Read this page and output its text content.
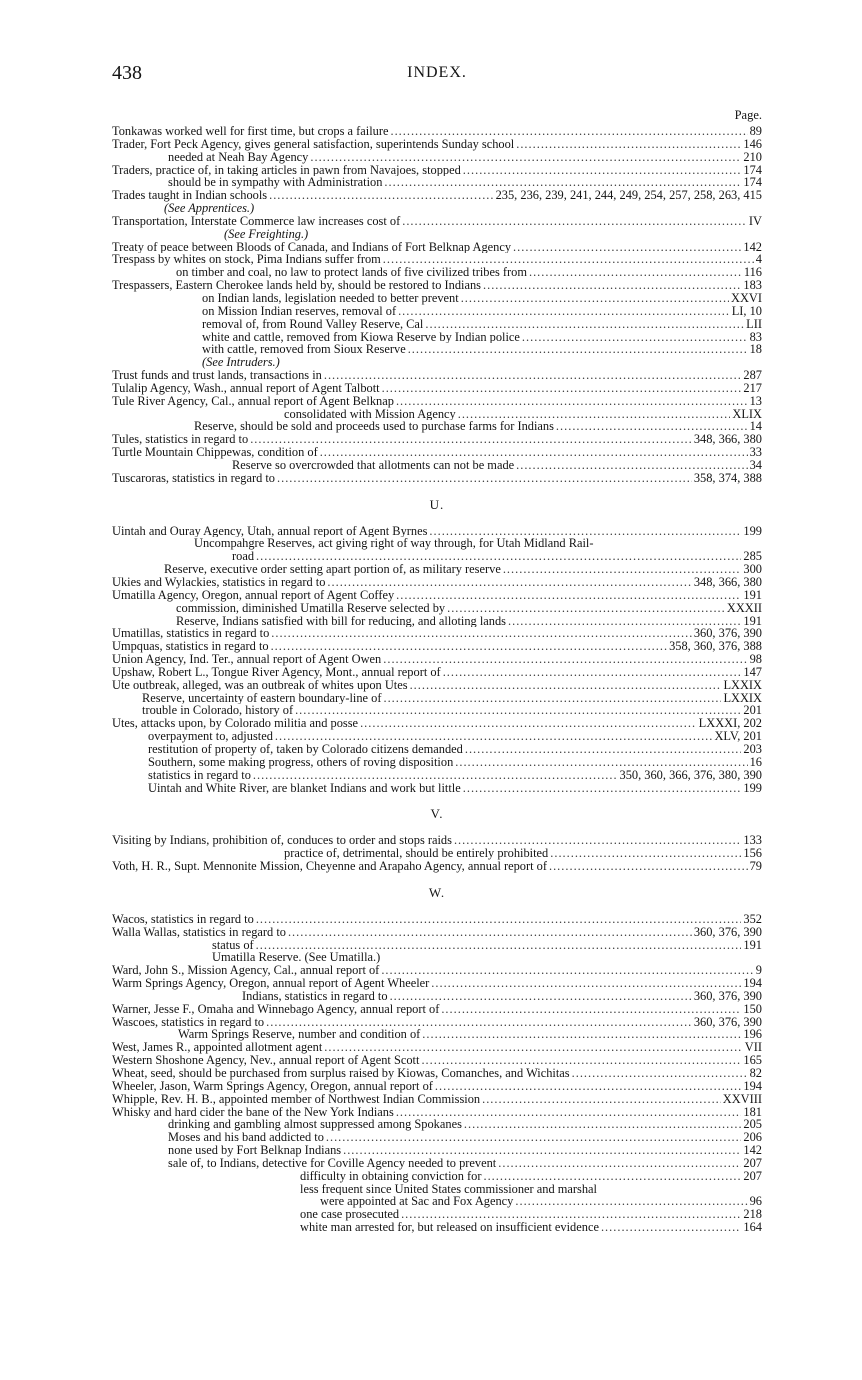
438	INDEX.
Page.
Tonkawas worked well for first time, but crops a failure .....	89
Trader, Fort Peck Agency, gives general satisfaction, superintends Sunday school .....	146
needed at Neah Bay Agency .....	210
Traders, practice of, in taking articles in pawn from Navajoes, stopped .....	174
should be in sympathy with Administration .....	174
Trades taught in Indian schools .....	235, 236, 239, 241, 244, 249, 254, 257, 258, 263, 415
(See Apprentices.)
Transportation, Interstate Commerce law increases cost of .....	IV
(See Freighting.)
Treaty of peace between Bloods of Canada, and Indians of Fort Belknap Agency .....	142
Trespass by whites on stock, Pima Indians suffer from .....	4
on timber and coal, no law to protect lands of five civilized tribes from .....	116
Trespassers, Eastern Cherokee lands held by, should be restored to Indians .....	183
on Indian lands, legislation needed to better prevent .....	XXVI
on Mission Indian reserves, removal of .....	LI, 10
removal of, from Round Valley Reserve, Cal .....	LII
white and cattle, removed from Kiowa Reserve by Indian police .....	83
with cattle, removed from Sioux Reserve .....	18
(See Intruders.)
Trust funds and trust lands, transactions in .....	287
Tulalip Agency, Wash., annual report of Agent Talbott .....	217
Tule River Agency, Cal., annual report of Agent Belknap .....	13
consolidated with Mission Agency .....	XLIX
Reserve, should be sold and proceeds used to purchase farms for Indians .....	14
Tules, statistics in regard to .....	348, 366, 380
Turtle Mountain Chippewas, condition of .....	33
Reserve so overcrowded that allotments can not be made .....	34
Tuscaroras, statistics in regard to .....	358, 374, 388
U.
Uintah and Ouray Agency, Utah, annual report of Agent Byrnes .....	199
Uncompahgre Reserves, act giving right of way through, for Utah Midland Rail-
road .....	285
Reserve, executive order setting apart portion of, as military reserve .....	300
Ukies and Wylackies, statistics in regard to .....	348, 366, 380
Umatilla Agency, Oregon, annual report of Agent Coffey .....	191
commission, diminished Umatilla Reserve selected by .....	XXXII
Reserve, Indians satisfied with bill for reducing, and alloting lands .....	191
Umatillas, statistics in regard to .....	360, 376, 390
Umpquas, statistics in regard to .....	358, 360, 376, 388
Union Agency, Ind. Ter., annual report of Agent Owen .....	98
Upshaw, Robert L., Tongue River Agency, Mont., annual report of .....	147
Ute outbreak, alleged, was an outbreak of whites upon Utes .....	LXXIX
Reserve, uncertainty of eastern boundary-line of .....	LXXIX
trouble in Colorado, history of .....	201
Utes, attacks upon, by Colorado militia and posse .....	LXXXI, 202
overpayment to, adjusted .....	XLV, 201
restitution of property of, taken by Colorado citizens demanded .....	203
Southern, some making progress, others of roving disposition .....	16
statistics in regard to .....	350, 360, 366, 376, 380, 390
Uintah and White River, are blanket Indians and work but little .....	199
V.
Visiting by Indians, prohibition of, conduces to order and stops raids .....	133
practice of, detrimental, should be entirely prohibited .....	156
Voth, H. R., Supt. Mennonite Mission, Cheyenne and Arapaho Agency, annual report of .....	79
W.
Wacos, statistics in regard to .....	352
Walla Wallas, statistics in regard to .....	360, 376, 390
status of .....	191
Umatilla Reserve. (See Umatilla.)
Ward, John S., Mission Agency, Cal., annual report of .....	9
Warm Springs Agency, Oregon, annual report of Agent Wheeler .....	194
Indians, statistics in regard to .....	360, 376, 390
Warner, Jesse F., Omaha and Winnebago Agency, annual report of .....	150
Wascoes, statistics in regard to .....	360, 376, 390
Warm Springs Reserve, number and condition of .....	196
West, James R., appointed allotment agent .....	VII
Western Shoshone Agency, Nev., annual report of Agent Scott .....	165
Wheat, seed, should be purchased from surplus raised by Kiowas, Comanches, and Wichitas .....	82
Wheeler, Jason, Warm Springs Agency, Oregon, annual report of .....	194
Whipple, Rev. H. B., appointed member of Northwest Indian Commission .....	XXVIII
Whisky and hard cider the bane of the New York Indians .....	181
drinking and gambling almost suppressed among Spokanes .....	205
Moses and his band addicted to .....	206
none used by Fort Belknap Indians .....	142
sale of, to Indians, detective for Coville Agency needed to prevent .....	207
difficulty in obtaining conviction for .....	207
less frequent since United States commissioner and marshal
were appointed at Sac and Fox Agency .....	96
one case prosecuted .....	218
white man arrested for, but released on insufficient evidence .....	164
